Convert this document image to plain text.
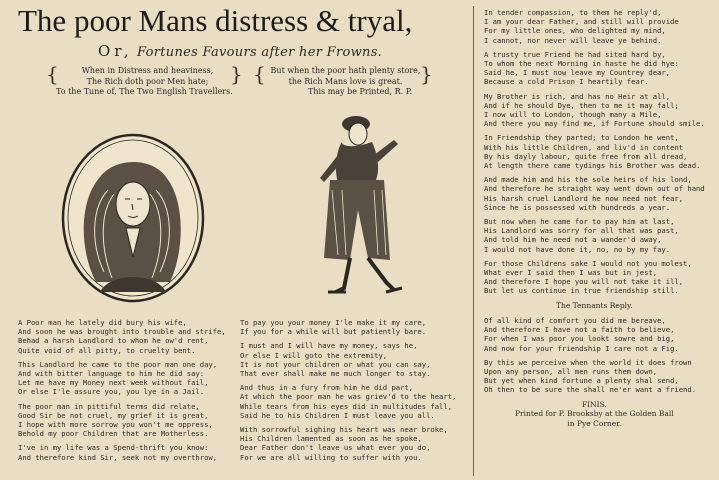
The poor Mans distress & tryal,
Or, Fortunes Favours after her Frowns.
{	When in Distress and heaviness,
The Rich doth poor Men hate;	} { But when the poor hath plenty store,
the Rich Mans love is great. }
To the Tune of, The Two English Travellers.	This may be Printed, R. P.
A Poor man he lately did bury his wife,
And soon he was brought into trouble and strife,
Behad a harsh Landlord to whom he ow'd rent,
Quite void of all pitty, to cruelty bent.
This Landlord he came to the poor man one day,
And with bitter language to him he did say:
Let me have my Money next week without fail,
Or else I'le assure you, you lye in a Jail.
The poor man in pittiful terms did relate,
Good Sir be not cruel, my grief it is great,
I hope with more sorrow you won't me oppress,
Behold my poor Children that are Motherless.
I've in my life was a Spend-thrift you know:
And therefore kind Sir, seek not my overthrow,
To pay you your money I'le make it my care,
If you for a while will but patiently bare.
I must and I will have my money, says he,
Or else I will goto the extremity,
It is not your children or what you can say,
That ever shall make me much longer to stay.
And thus in a fury from him he did part,
At which the poor man he was griev'd to the heart,
While tears from his eyes did in multitudes fall,
Said he to his Children I must leave you all.
With sorrowful sighing his heart was near broke,
His Children lamented as soon as he spoke,
Dear Father don't leave us what ever you do,
For we are all willing to suffer with you.
In tender compassion, to them he reply'd,
I am your dear Father, and still will provide
For my little ones, who delighted my mind,
I cannot, nor never will leave ye behind.
A trusty true Friend he had sited hard by,
To whom the next Morning in haste he did hye:
Said he, I must now leave my Countrey dear,
Because a cold Prison I heartily fear.
My Brother is rich, and has no Heir at all,
And if he should Dye, then to me it may fall;
I now will to London, though many a Mile,
And there you may find me, if Fortune should smile.
In Friendship they parted; to London he went,
With his little Children, and liv'd in content
By his dayly labour, quite free from all dread,
At length there came tydings his Brother was dead.
And made him and his the sole heirs of his lond,
And therefore he straight way went down out of hand
His harsh cruel Landlord he now need not fear,
Since he is possessed with hundreds a year.
But now when he came for to pay him at last,
His Landlord was sorry for all that was past,
And told him he need not a wander'd away,
I would not have done it, no, no by my fay.
For those Childrens sake I would not you molest,
What ever I said then I was but in jest,
And therefore I hope you will not take it ill,
But let us continue in true friendship still.
The Tennants Reply.
Of all kind of comfort you did me bereave,
And therefore I have not a faith to believe,
For when I was poor you lookt sowre and big,
And now for your friendship I care not a Fig.
By this we perceive when the world it does frown
Upon any person, all men runs them down,
But yet when kind fortune a plenty shal send,
Oh then to be sure the shall ne'er want a friend.
FINIS.
Printed for P. Brooksby at the Golden Ball
in Pye Corner.
